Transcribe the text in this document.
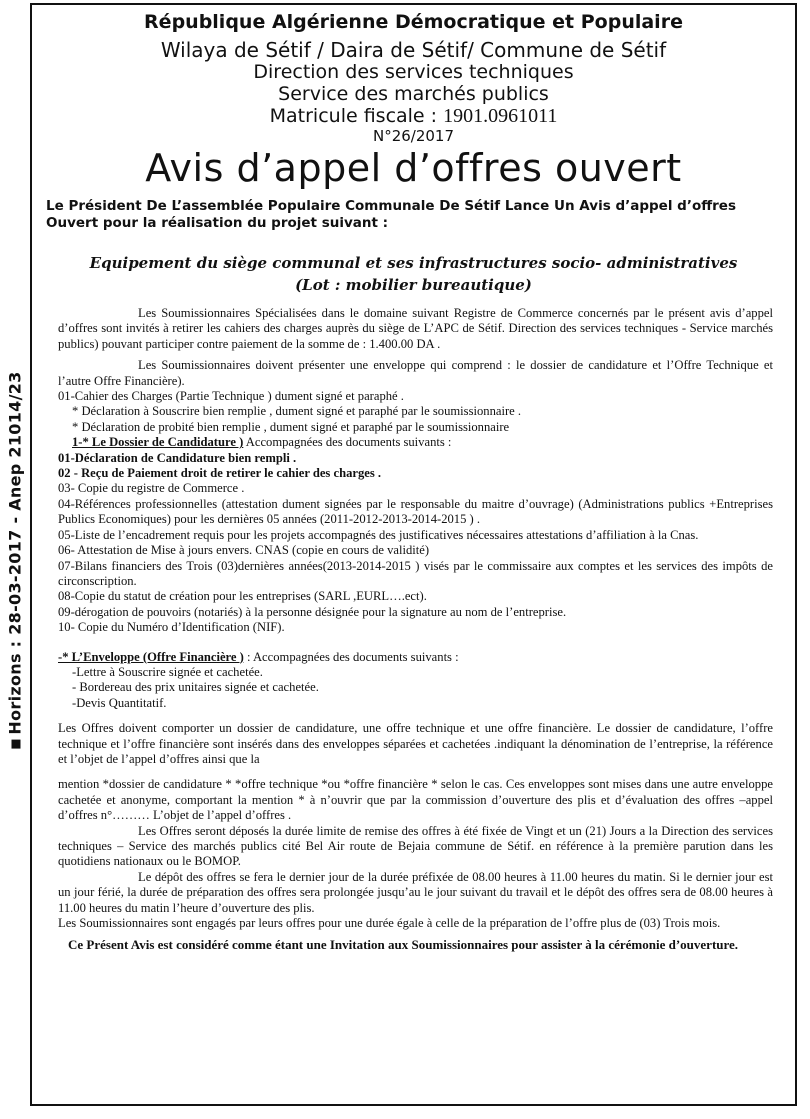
Horizons : 28-03-2017 - Anep 21014/23
République Algérienne Démocratique et Populaire
Wilaya de Sétif / Daira de Sétif/ Commune de Sétif
Direction des services techniques
Service des marchés publics
Matricule fiscale : 1901.0961011
N°26/2017
Avis d’appel d’offres ouvert
Le Président De L’assemblée Populaire Communale De Sétif Lance Un Avis d’appel d’offres
Ouvert pour la réalisation du projet suivant :
Equipement du siège communal et ses infrastructures socio- administratives
(Lot : mobilier bureautique)

Les Soumissionnaires Spécialisées dans le domaine suivant Registre de Commerce concernés par le présent avis d’appel d’offres sont invités à retirer les cahiers des charges auprès du siège de L’APC de Sétif. Direction des services techniques - Service marchés publics) pouvant participer contre paiement de la somme de : 1.400.00 DA .

Les Soumissionnaires doivent présenter une enveloppe qui comprend : le dossier de candidature et l’Offre Technique et l’autre Offre Financière).

01-Cahier des Charges (Partie Technique ) dument signé et paraphé .

* Déclaration à Souscrire bien remplie , dument signé et paraphé par le soumissionnaire .

* Déclaration de probité bien remplie , dument signé et paraphé par le soumissionnaire

1-* Le Dossier de Candidature ) Accompagnées des documents suivants :

01-Déclaration de Candidature bien rempli .

02 - Reçu de Paiement droit de retirer le cahier des charges .

03- Copie du registre de Commerce .

04-Références professionnelles (attestation dument signées par le responsable du maitre d’ouvrage) (Administrations publics +Entreprises Publics Economiques) pour les dernières 05 années (2011-2012-2013-2014-2015 ) .

05-Liste de l’encadrement requis pour les projets accompagnés des justificatives nécessaires attestations d’affiliation à la Cnas.

06- Attestation de Mise à jours envers. CNAS (copie en cours de validité)

07-Bilans financiers des Trois (03)dernières années(2013-2014-2015 ) visés par le commissaire aux comptes et les services des impôts de circonscription.

08-Copie du statut de création pour les entreprises (SARL ,EURL….ect).

09-dérogation de pouvoirs (notariés) à la personne désignée pour la signature au nom de l’entreprise.

10- Copie du Numéro d’Identification (NIF).

-* L’Enveloppe (Offre Financière ) : Accompagnées des documents suivants :

-Lettre à Souscrire signée et cachetée.

- Bordereau des prix unitaires signée et cachetée.

-Devis Quantitatif.

Les Offres doivent comporter un dossier de candidature, une offre technique et une offre financière. Le dossier de candidature, l’offre technique et l’offre financière sont insérés dans des enveloppes séparées et cachetées .indiquant la dénomination de l’entreprise, la référence et l’objet de l’appel d’offres ainsi que la

mention *dossier de candidature * *offre technique *ou *offre financière * selon le cas. Ces enveloppes sont mises dans une autre enveloppe cachetée et anonyme, comportant la mention * à n’ouvrir que par la commission d’ouverture des plis et d’évaluation des offres –appel d’offres n°……… L’objet de l’appel d’offres .

Les Offres seront déposés la durée limite de remise des offres à été fixée de Vingt et un (21) Jours a la Direction des services techniques – Service des marchés publics cité Bel Air route de Bejaia commune de Sétif. en référence à la première parution dans les quotidiens nationaux ou le BOMOP.

Le dépôt des offres se fera le dernier jour de la durée préfixée de 08.00 heures à 11.00 heures du matin. Si le dernier jour est un jour férié, la durée de préparation des offres sera prolongée jusqu’au le jour suivant du travail et le dépôt des offres sera de 08.00 heures à 11.00 heures du matin l’heure d’ouverture des plis.

Les Soumissionnaires sont engagés par leurs offres pour une durée égale à celle de la préparation de l’offre plus de (03) Trois mois.

Ce Présent Avis est considéré comme étant une Invitation aux Soumissionnaires pour assister à la cérémonie d’ouverture.
